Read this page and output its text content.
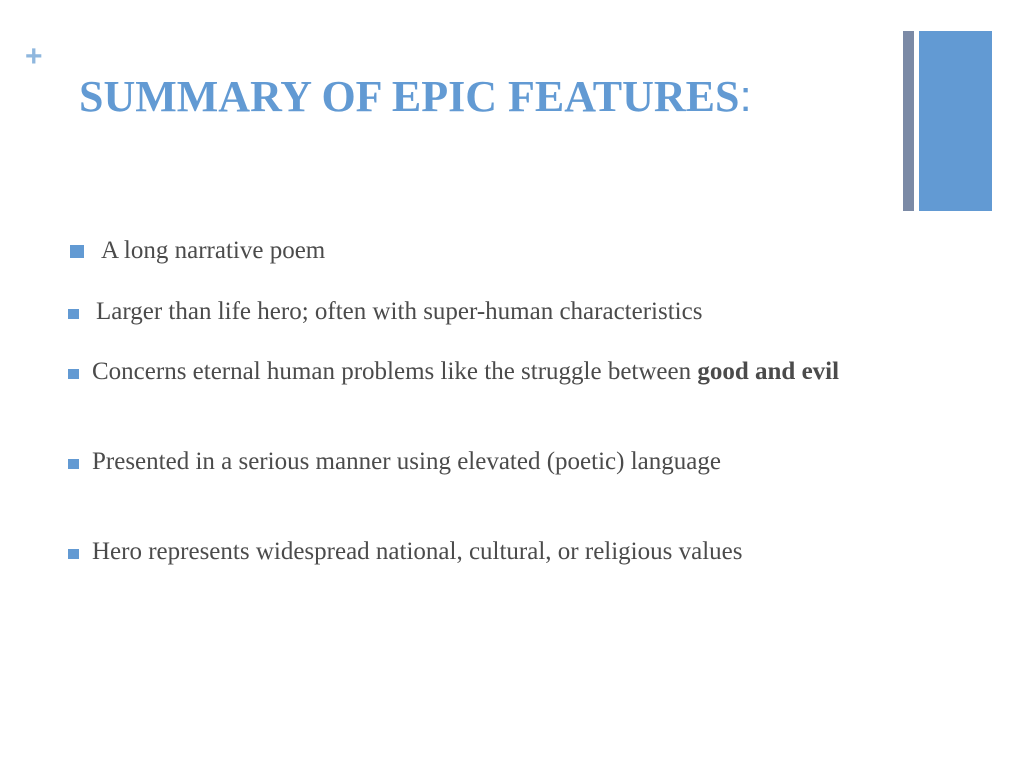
+
SUMMARY OF EPIC FEATURES:

A long narrative poem

Larger than life hero; often with super-human characteristics

Concerns eternal human problems like the struggle between good and evil

Presented in a serious manner using elevated (poetic) language

Hero represents widespread national, cultural, or religious values
